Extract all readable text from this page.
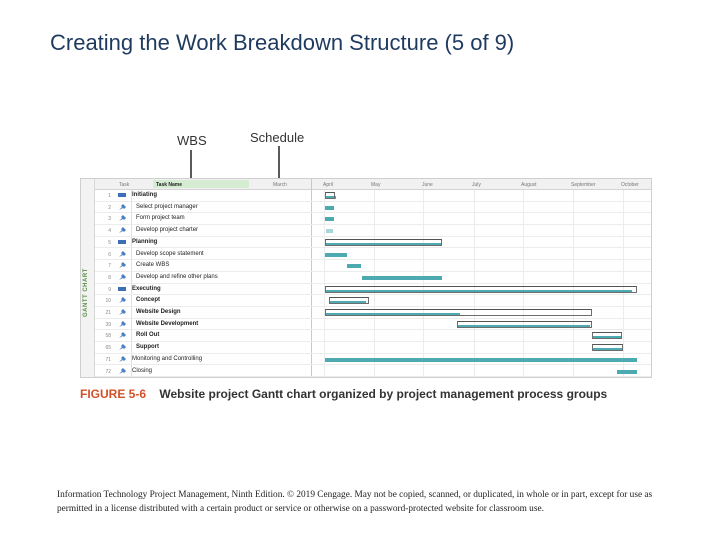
Creating the Work Breakdown Structure (5 of 9)
WBS	Schedule
GANTT CHART
Task	Task Name	March	April	May	June	July	August	September	October
1	Initiating
2	Select project manager
3	Form project team
4	Develop project charter
5	Planning
6	Develop scope statement
7	Create WBS
8	Develop and refine other plans
9	Executing
10	Concept
21	Website Design
39	Website Development
58	Roll Out
65	Support
71	Monitoring and Controlling
72	Closing
FIGURE 5-6 Website project Gantt chart organized by project management process groups
Information Technology Project Management, Ninth Edition. © 2019 Cengage. May not be copied, scanned, or duplicated, in whole or in part, except for use as permitted in a license distributed with a certain product or service or otherwise on a password-protected website for classroom use.
